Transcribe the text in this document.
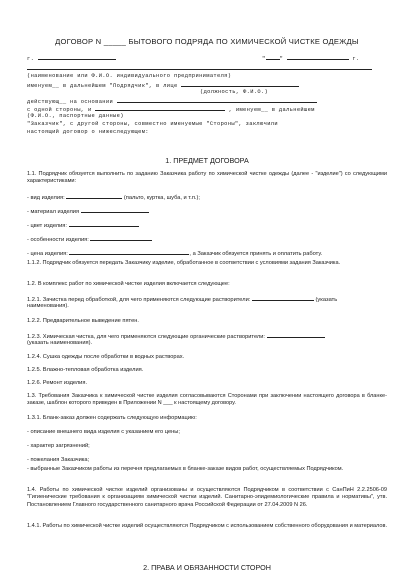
ДОГОВОР N _____ БЫТОВОГО ПОДРЯДА ПО ХИМИЧЕСКОЙ ЧИСТКЕ ОДЕЖДЫ
г.	"	"	г.
(наименование или Ф.И.О. индивидуального предпринимателя)
именуем__ в дальнейшем "Подрядчик", в лице
(должность, Ф.И.О.)
действующ__ на основании
с одной стороны, и	, именуем__ в дальнейшем
(Ф.И.О., паспортные данные)
"Заказчик", с другой стороны, совместно именуемые "Стороны", заключили
настоящий договор о нижеследующем:
1. ПРЕДМЕТ ДОГОВОРА
1.1. Подрядчик обязуется выполнить по заданию Заказчика работу по химической чистке одежды (далее - "изделие") со следующими характеристиками:
- вид изделия:	(пальто, куртка, шуба, и т.п.);
- материал изделия
- цвет изделия:
- особенности изделия:
- цена изделия:	, а Заказчик обязуется принять и оплатить работу.
1.1.2. Подрядчик обязуется передать Заказчику изделие, обработанное в соответствии с условиями задания Заказчика.
1.2. В комплекс работ по химической чистке изделия включается следующее:
1.2.1. Зачистка перед обработкой, для чего применяются следующие растворители:	(указать
наименования).
1.2.2. Предварительное выведение пятен.
1.2.3. Химическая чистка, для чего применяются следующие органические растворители:
(указать наименования).
1.2.4. Сушка одежды после обработки в водных растворах.
1.2.5. Влажно-тепловая обработка изделия.
1.2.6. Ремонт изделия.
1.3. Требования Заказчика к химической чистке изделия согласовываются Сторонами при заключении настоящего договора в бланке-заказе, шаблон которого приведен в Приложении N ___ к настоящему договору.
1.3.1. Бланк-заказ должен содержать следующую информацию:
- описание внешнего вида изделия с указанием его цены;
- характер загрязнений;
- пожелания Заказчика;
- выбранные Заказчиком работы из перечня предлагаемых в бланке-заказе видов работ, осуществляемых Подрядчиком.
1.4. Работы по химической чистке изделий организованы и осуществляются Подрядчиком в соответствии с СанПиН 2.2.2506-09 "Гигиенические требования к организациям химической чистки изделий. Санитарно-эпидемиологические правила и нормативы", утв. Постановлением Главного государственного санитарного врача Российской Федерации от 27.04.2009 N 26.
1.4.1. Работы по химической чистке изделий осуществляются Подрядчиком с использованием собственного оборудования и материалов.
2. ПРАВА И ОБЯЗАННОСТИ СТОРОН
